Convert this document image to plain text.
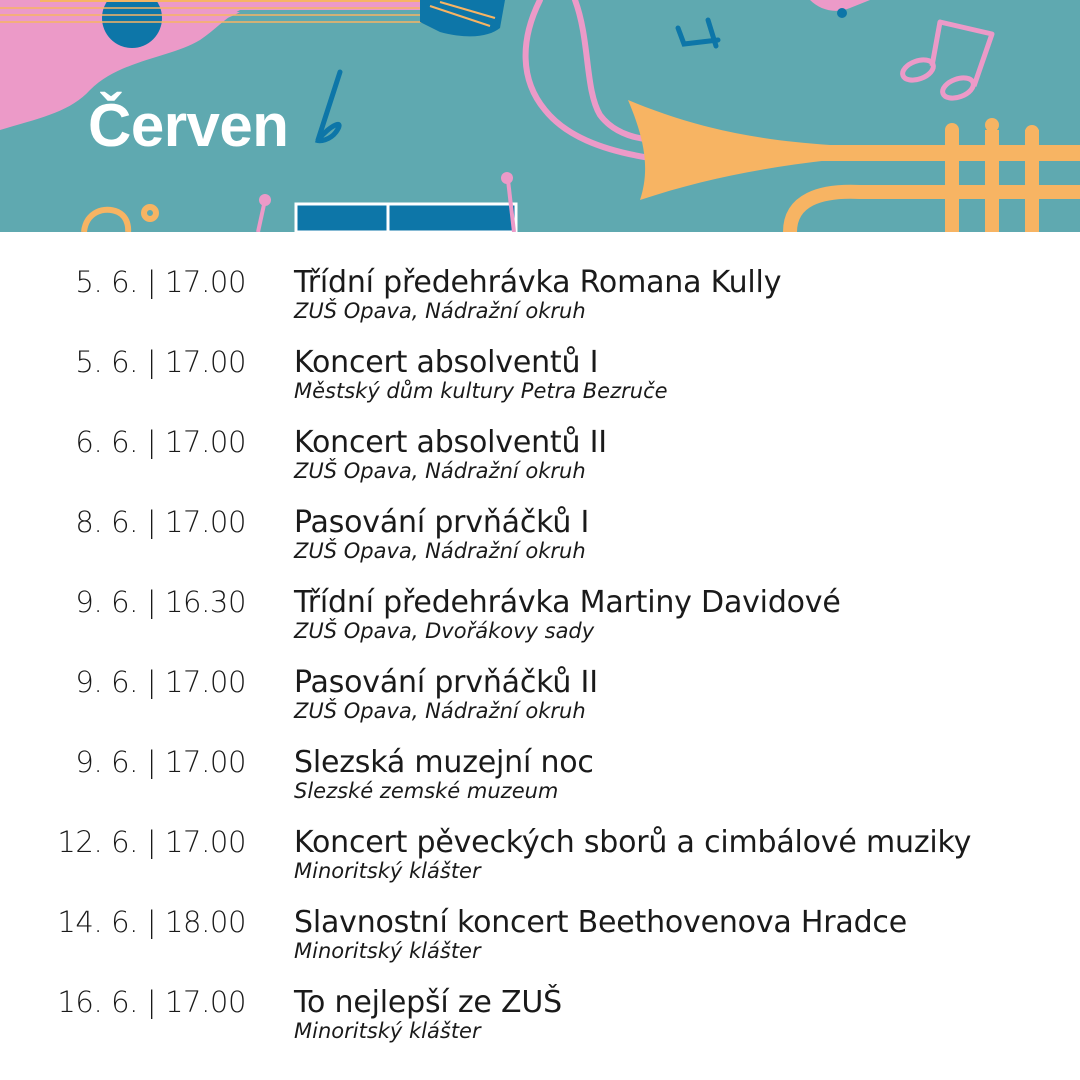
Červen
5. 6. | 17.00 Třídní předehrávka Romana Kully
ZUŠ Opava, Nádražní okruh
5. 6. | 17.00 Koncert absolventů I
Městský dům kultury Petra Bezruče
6. 6. | 17.00 Koncert absolventů II
ZUŠ Opava, Nádražní okruh
8. 6. | 17.00 Pasování prvňáčků I
ZUŠ Opava, Nádražní okruh
9. 6. | 16.30 Třídní předehrávka Martiny Davidové
ZUŠ Opava, Dvořákovy sady
9. 6. | 17.00 Pasování prvňáčků II
ZUŠ Opava, Nádražní okruh
9. 6. | 17.00 Slezská muzejní noc
Slezské zemské muzeum
12. 6. | 17.00 Koncert pěveckých sborů a cimbálové muziky
Minoritský klášter
14. 6. | 18.00 Slavnostní koncert Beethovenova Hradce
Minoritský klášter
16. 6. | 17.00 To nejlepší ze ZUŠ
Minoritský klášter
